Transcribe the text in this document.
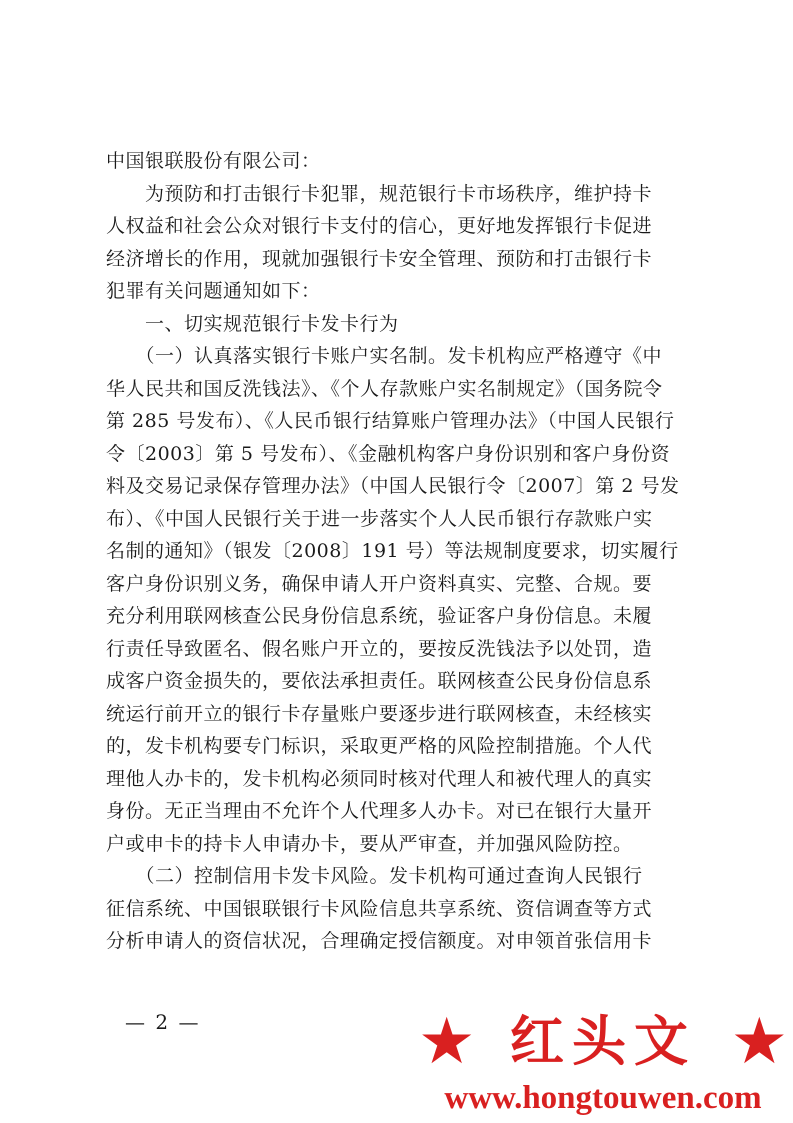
中国银联股份有限公司：
　　为预防和打击银行卡犯罪，规范银行卡市场秩序，维护持卡
人权益和社会公众对银行卡支付的信心，更好地发挥银行卡促进
经济增长的作用，现就加强银行卡安全管理、预防和打击银行卡
犯罪有关问题通知如下：
　　一、切实规范银行卡发卡行为
　　（一）认真落实银行卡账户实名制。发卡机构应严格遵守《中
华人民共和国反洗钱法》、《个人存款账户实名制规定》（国务院令
第 285 号发布）、《人民币银行结算账户管理办法》（中国人民银行
令〔2003〕第 5 号发布）、《金融机构客户身份识别和客户身份资
料及交易记录保存管理办法》（中国人民银行令〔2007〕第 2 号发
布）、《中国人民银行关于进一步落实个人人民币银行存款账户实
名制的通知》（银发〔2008〕191 号）等法规制度要求，切实履行
客户身份识别义务，确保申请人开户资料真实、完整、合规。要
充分利用联网核查公民身份信息系统，验证客户身份信息。未履
行责任导致匿名、假名账户开立的，要按反洗钱法予以处罚，造
成客户资金损失的，要依法承担责任。联网核查公民身份信息系
统运行前开立的银行卡存量账户要逐步进行联网核查，未经核实
的，发卡机构要专门标识，采取更严格的风险控制措施。个人代
理他人办卡的，发卡机构必须同时核对代理人和被代理人的真实
身份。无正当理由不允许个人代理多人办卡。对已在银行大量开
户或申卡的持卡人申请办卡，要从严审查，并加强风险防控。
　　（二）控制信用卡发卡风险。发卡机构可通过查询人民银行
征信系统、中国银联银行卡风险信息共享系统、资信调查等方式
分析申请人的资信状况，合理确定授信额度。对申领首张信用卡
— 2 —	★ 红头文 ★
www.hongtouwen.com
